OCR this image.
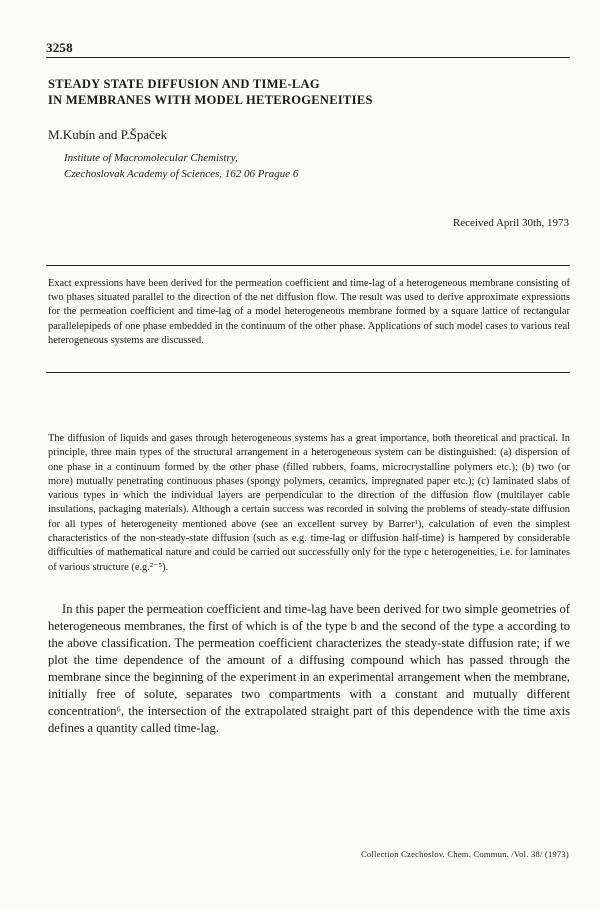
3258
STEADY STATE DIFFUSION AND TIME-LAG
IN MEMBRANES WITH MODEL HETEROGENEITIES
M.Kubín and P.Špaček
Institute of Macromolecular Chemistry,
Czechoslovak Academy of Sciences, 162 06 Prague 6
Received April 30th, 1973
Exact expressions have been derived for the permeation coefficient and time-lag of a heterogeneous membrane consisting of two phases situated parallel to the direction of the net diffusion flow. The result was used to derive approximate expressions for the permeation coefficient and time-lag of a model heterogeneous membrane formed by a square lattice of rectangular parallelepipeds of one phase embedded in the continuum of the other phase. Applications of such model cases to various real heterogeneous systems are discussed.
The diffusion of liquids and gases through heterogeneous systems has a great importance, both theoretical and practical. In principle, three main types of the structural arrangement in a heterogeneous system can be distinguished: (a) dispersion of one phase in a continuum formed by the other phase (filled rubbers, foams, microcrystalline polymers etc.); (b) two (or more) mutually penetrating continuous phases (spongy polymers, ceramics, impregnated paper etc.); (c) laminated slabs of various types in which the individual layers are perpendicular to the direction of the diffusion flow (multilayer cable insulations, packaging materials). Although a certain success was recorded in solving the problems of steady-state diffusion for all types of heterogeneity mentioned above (see an excellent survey by Barrer¹), calculation of even the simplest characteristics of the non-steady-state diffusion (such as e.g. time-lag or diffusion half-time) is hampered by considerable difficulties of mathematical nature and could be carried out successfully only for the type c heterogeneities, i.e. for laminates of various structure (e.g.²⁻⁵).
In this paper the permeation coefficient and time-lag have been derived for two simple geometries of heterogeneous membranes, the first of which is of the type b and the second of the type a according to the above classification. The permeation coefficient characterizes the steady-state diffusion rate; if we plot the time dependence of the amount of a diffusing compound which has passed through the membrane since the beginning of the experiment in an experimental arrangement when the membrane, initially free of solute, separates two compartments with a constant and mutually different concentration⁶, the intersection of the extrapolated straight part of this dependence with the time axis defines a quantity called time-lag.
Collection Czechoslov. Chem. Commun. /Vol. 38/ (1973)
